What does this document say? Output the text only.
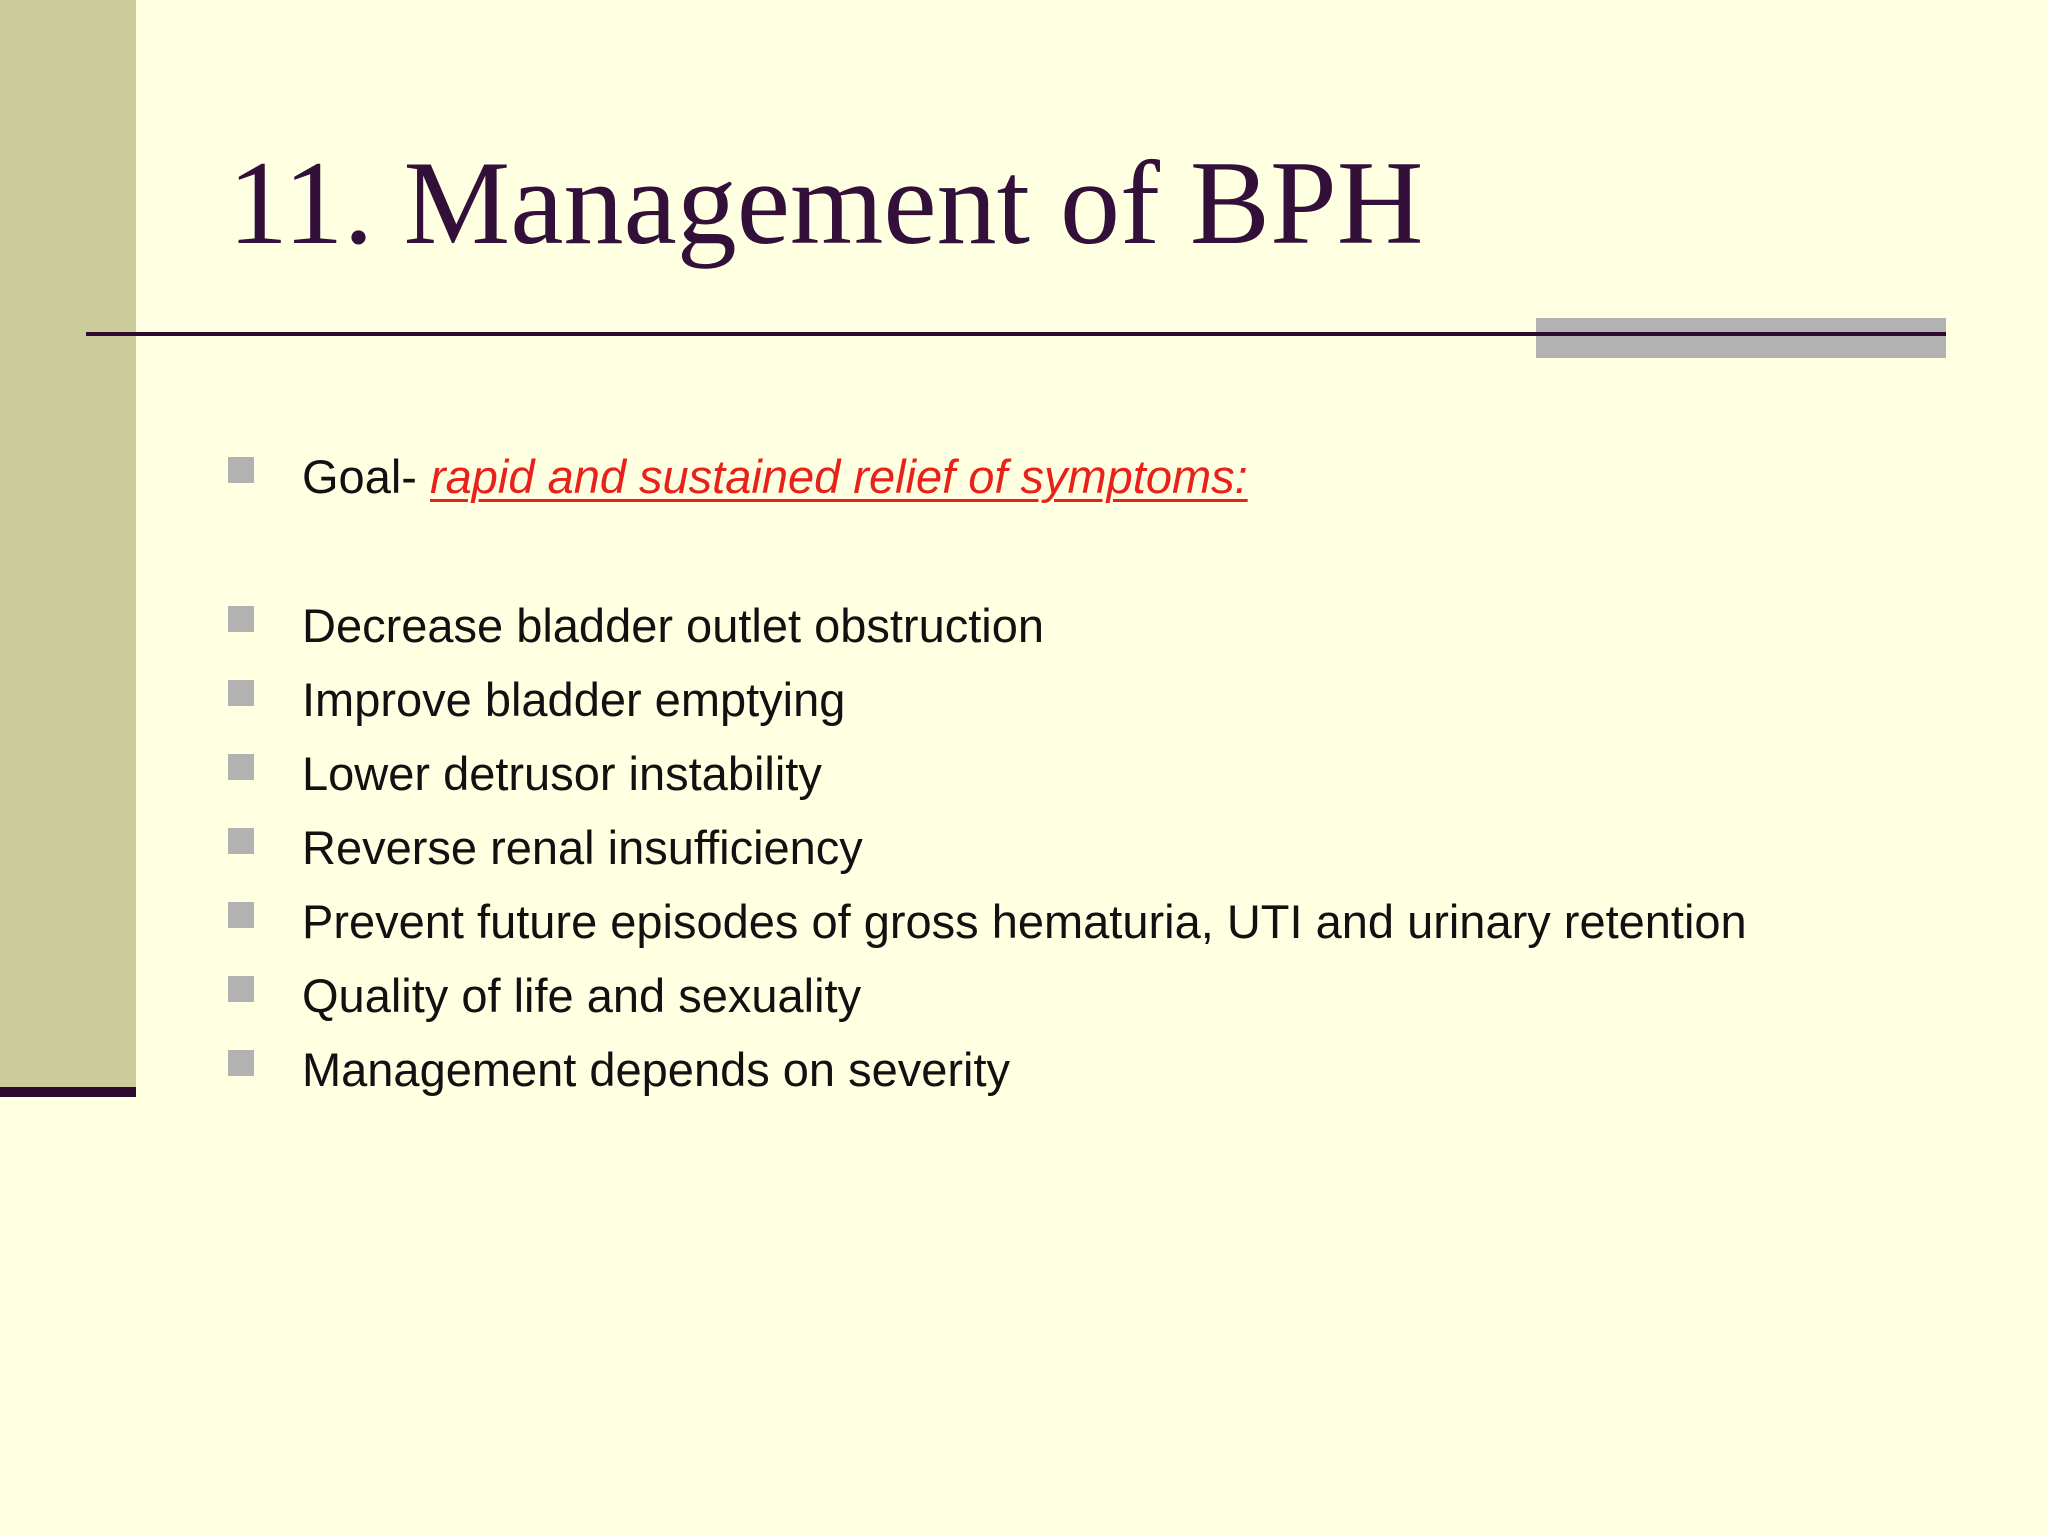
11. Management of BPH
Goal- rapid and sustained relief of symptoms:
Decrease bladder outlet obstruction
Improve bladder emptying
Lower detrusor instability
Reverse renal insufficiency
Prevent future episodes of gross hematuria, UTI and urinary retention
Quality of life and sexuality
Management depends on severity
